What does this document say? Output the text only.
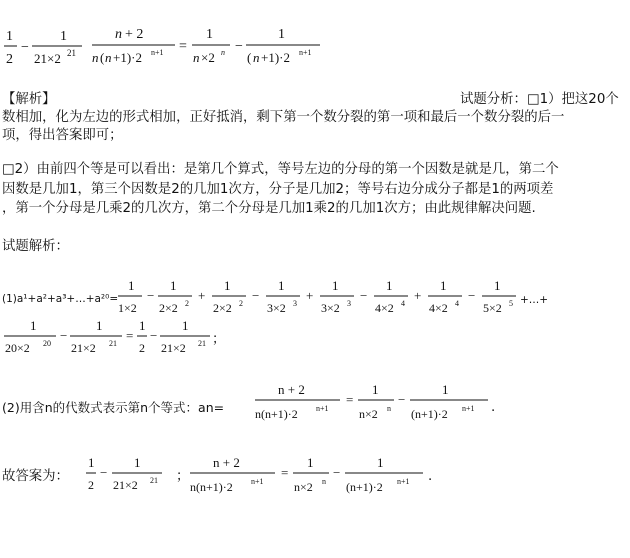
1
2
−
1
21×2 21
n + 2
n ( n +1)·2 n+1 =
1
n ×2 n −
1
( n +1)·2 n+1
【解析】	试题分析：□1）把这20个
数相加，化为左边的形式相加，正好抵消，剩下第一个数分裂的第一项和最后一个数分裂的后一
项，得出答案即可；
□2）由前四个等是可以看出：是第几个算式，等号左边的分母的第一个因数是就是几，第二个
因数是几加1，第三个因数是2的几加1次方，分子是几加2；等号右边分成分子都是1的两项差
，第一个分母是几乘2的几次方，第二个分母是几加1乘2的几加1次方；由此规律解决问题.
试题解析：
(1)a¹+a²+a³+…+a²⁰=
1
1×2
−
1
2×2 2
+
1
2×2 2
−
1
3×2 3
+
1
3×2 3
−
1
4×2 4
+
1
4×2 4
−
1
5×2 5 +…+
1
20×2 20
−
1
21×2 21
=
1
2
−
1
21×2 21 ；
(2)用含n的代数式表示第n个等式：an=
n + 2
n(n+1)·2 n+1
=
1
n×2 n
−
1
(n+1)·2 n+1 .
故答案为：
1
2
−
1
21×2 21 ；
n + 2
n(n+1)·2 n+1
=
1
n×2 n
−
1
(n+1)·2 n+1 .
